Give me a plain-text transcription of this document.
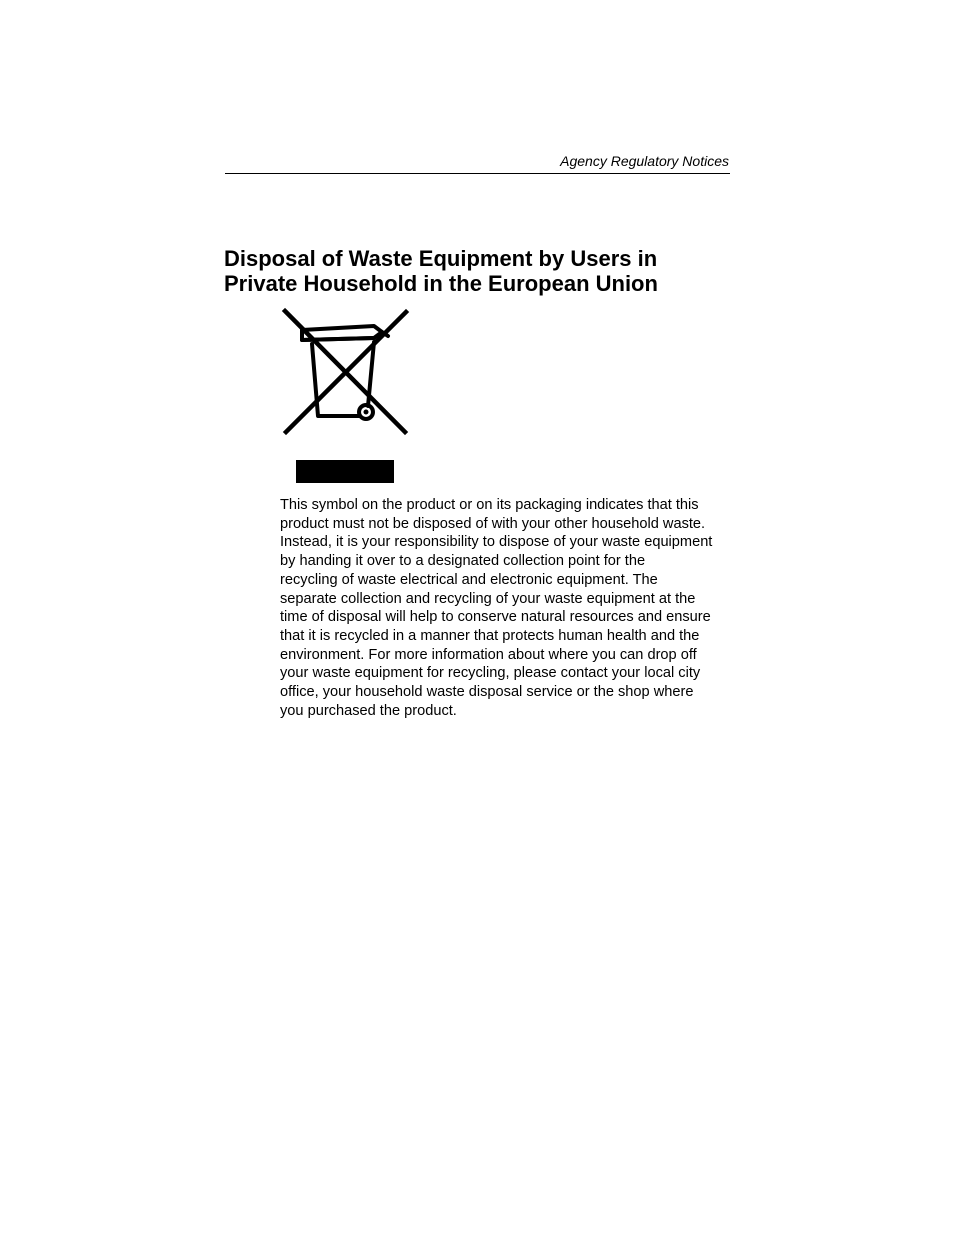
Agency Regulatory Notices
Disposal of Waste Equipment by Users in
Private Household in the European Union

This symbol on the product or on its packaging indicates that this
product must not be disposed of with your other household waste.
Instead, it is your responsibility to dispose of your waste equipment
by handing it over to a designated collection point for the
recycling of waste electrical and electronic equipment. The
separate collection and recycling of your waste equipment at the
time of disposal will help to conserve natural resources and ensure
that it is recycled in a manner that protects human health and the
environment. For more information about where you can drop off
your waste equipment for recycling, please contact your local city
office, your household waste disposal service or the shop where
you purchased the product.
